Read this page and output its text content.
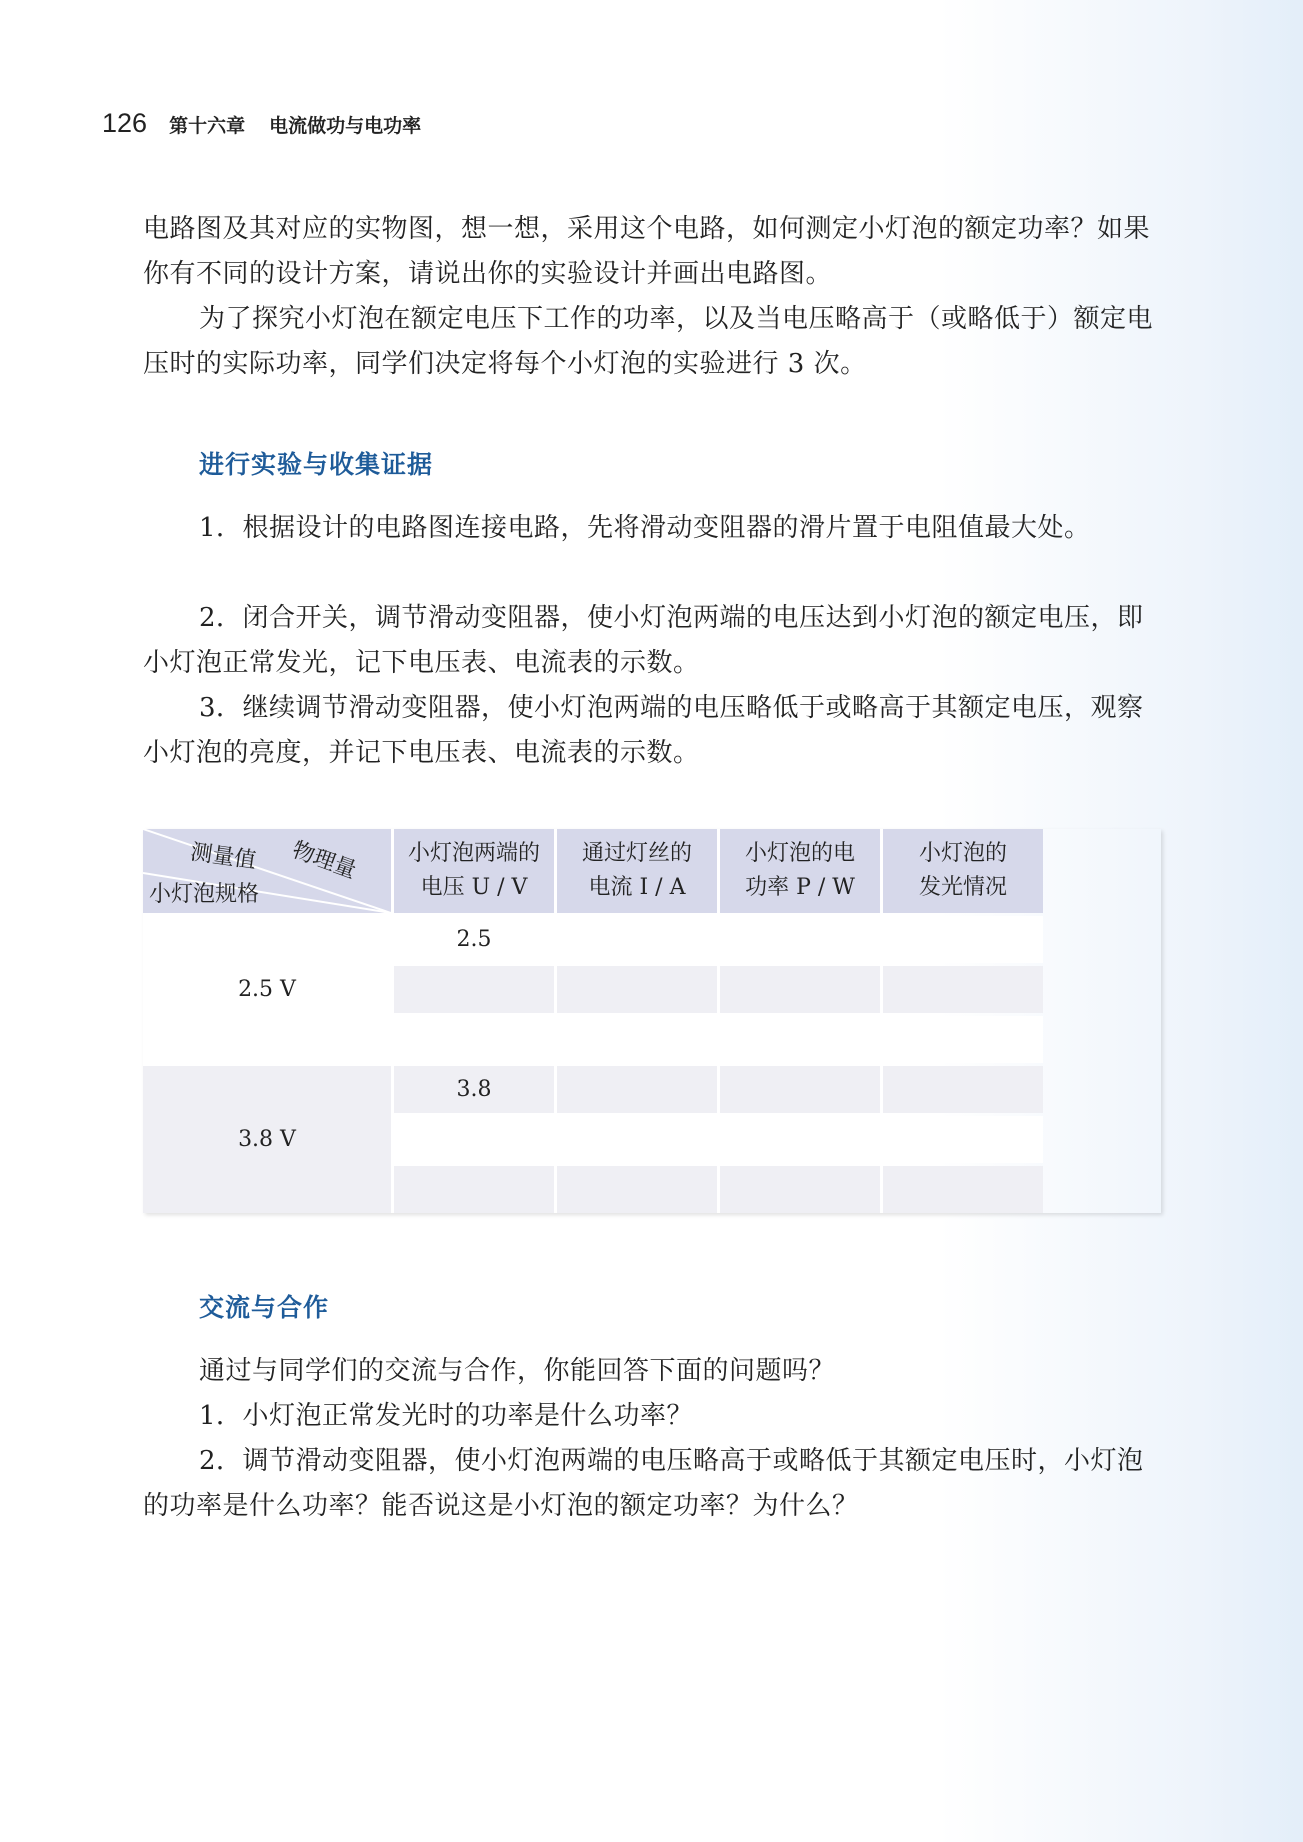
126 第十六章 电流做功与电功率

电路图及其对应的实物图，想一想，采用这个电路，如何测定小灯泡的额定功率？如果你有不同的设计方案，请说出你的实验设计并画出电路图。

为了探究小灯泡在额定电压下工作的功率，以及当电压略高于（或略低于）额定电压时的实际功率，同学们决定将每个小灯泡的实验进行 3 次。

进行实验与收集证据

1．根据设计的电路图连接电路，先将滑动变阻器的滑片置于电阻值最大处。

2．闭合开关，调节滑动变阻器，使小灯泡两端的电压达到小灯泡的额定电压，即小灯泡正常发光，记下电压表、电流表的示数。

3．继续调节滑动变阻器，使小灯泡两端的电压略低于或略高于其额定电压，观察小灯泡的亮度，并记下电压表、电流表的示数。

测量值 物理量
小灯泡规格
小灯泡两端的
电压 U / V
通过灯丝的
电流 I / A
小灯泡的电
功率 P / W
小灯泡的
发光情况
2.5 V
2.5
3.8 V
3.8
交流与合作

通过与同学们的交流与合作，你能回答下面的问题吗？

1．小灯泡正常发光时的功率是什么功率？

2．调节滑动变阻器，使小灯泡两端的电压略高于或略低于其额定电压时，小灯泡的功率是什么功率？能否说这是小灯泡的额定功率？为什么？
